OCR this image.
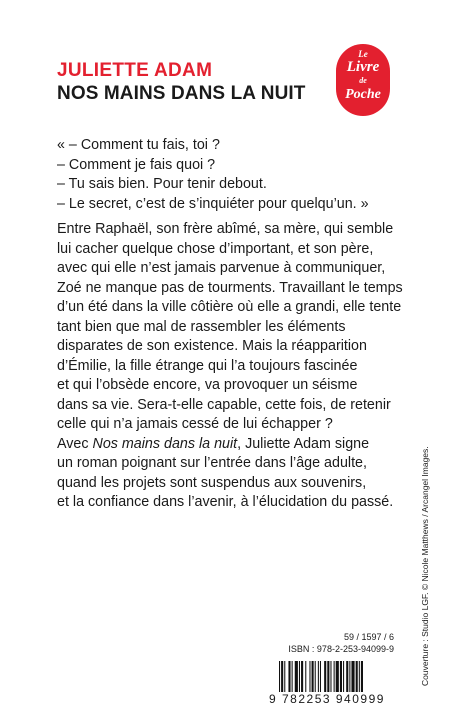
JULIETTE ADAM
NOS MAINS DANS LA NUIT
Le
Livre
de
Poche
« – Comment tu fais, toi ?
– Comment je fais quoi ?
– Tu sais bien. Pour tenir debout.
– Le secret, c’est de s’inquiéter pour quelqu’un. »
Entre Raphaël, son frère abîmé, sa mère, qui semble
lui cacher quelque chose d’important, et son père,
avec qui elle n’est jamais parvenue à communiquer,
Zoé ne manque pas de tourments. Travaillant le temps
d’un été dans la ville côtière où elle a grandi, elle tente
tant bien que mal de rassembler les éléments
disparates de son existence. Mais la réapparition
d’Émilie, la fille étrange qui l’a toujours fascinée
et qui l’obsède encore, va provoquer un séisme
dans sa vie. Sera-t-elle capable, cette fois, de retenir
celle qui n’a jamais cessé de lui échapper ?
Avec Nos mains dans la nuit, Juliette Adam signe
un roman poignant sur l’entrée dans l’âge adulte,
quand les projets sont suspendus aux souvenirs,
et la confiance dans l’avenir, à l’élucidation du passé.
59 / 1597 / 6
ISBN : 978-2-253-94099-9
9 782253 940999
Couverture : Studio LGF. © Nicole Matthews / Arcangel Images.
